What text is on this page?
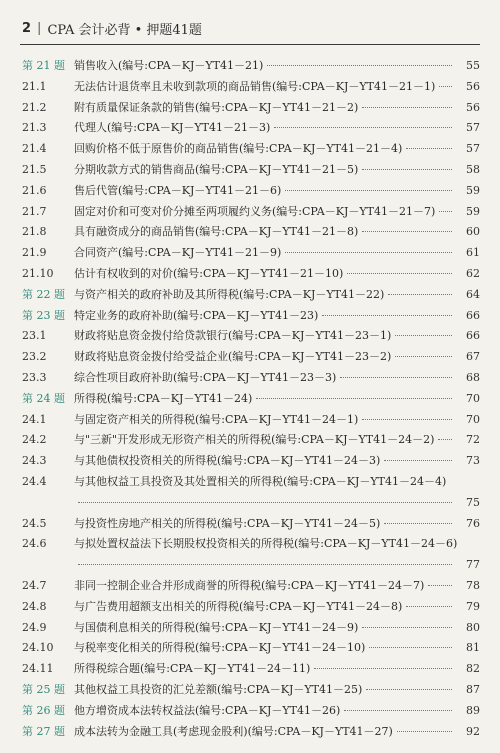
2 | CPA 会计必背 • 押题41题
第 21 题 销售收入(编号:CPA－KJ－YT41－21)	55
21.1	无法估计退货率且未收到款项的商品销售(编号:CPA－KJ－YT41－21－1)	56
21.2	附有质量保证条款的销售(编号:CPA－KJ－YT41－21－2)	56
21.3	代理人(编号:CPA－KJ－YT41－21－3)	57
21.4	回购价格不低于原售价的商品销售(编号:CPA－KJ－YT41－21－4)	57
21.5	分期收款方式的销售商品(编号:CPA－KJ－YT41－21－5)	58
21.6	售后代管(编号:CPA－KJ－YT41－21－6)	59
21.7	固定对价和可变对价分摊至两项履约义务(编号:CPA－KJ－YT41－21－7)	59
21.8	具有融资成分的商品销售(编号:CPA－KJ－YT41－21－8)	60
21.9	合同资产(编号:CPA－KJ－YT41－21－9)	61
21.10	估计有权收到的对价(编号:CPA－KJ－YT41－21－10)	62
第 22 题 与资产相关的政府补助及其所得税(编号:CPA－KJ－YT41－22)	64
第 23 题 特定业务的政府补助(编号:CPA－KJ－YT41－23)	66
23.1	财政将贴息资金拨付给贷款银行(编号:CPA－KJ－YT41－23－1)	66
23.2	财政将贴息资金拨付给受益企业(编号:CPA－KJ－YT41－23－2)	67
23.3	综合性项目政府补助(编号:CPA－KJ－YT41－23－3)	68
第 24 题 所得税(编号:CPA－KJ－YT41－24)	70
24.1	与固定资产相关的所得税(编号:CPA－KJ－YT41－24－1)	70
24.2	与"三新"开发形成无形资产相关的所得税(编号:CPA－KJ－YT41－24－2)	72
24.3	与其他债权投资相关的所得税(编号:CPA－KJ－YT41－24－3)	73
24.4	与其他权益工具投资及其处置相关的所得税(编号:CPA－KJ－YT41－24－4)
75
24.5	与投资性房地产相关的所得税(编号:CPA－KJ－YT41－24－5)	76
24.6	与拟处置权益法下长期股权投资相关的所得税(编号:CPA－KJ－YT41－24－6)
77
24.7	非同一控制企业合并形成商誉的所得税(编号:CPA－KJ－YT41－24－7)	78
24.8	与广告费用超额支出相关的所得税(编号:CPA－KJ－YT41－24－8)	79
24.9	与国债利息相关的所得税(编号:CPA－KJ－YT41－24－9)	80
24.10	与税率变化相关的所得税(编号:CPA－KJ－YT41－24－10)	81
24.11	所得税综合题(编号:CPA－KJ－YT41－24－11)	82
第 25 题 其他权益工具投资的汇兑差额(编号:CPA－KJ－YT41－25)	87
第 26 题 他方增资成本法转权益法(编号:CPA－KJ－YT41－26)	89
第 27 题 成本法转为金融工具(考虑现金股利)(编号:CPA－KJ－YT41－27)	92
